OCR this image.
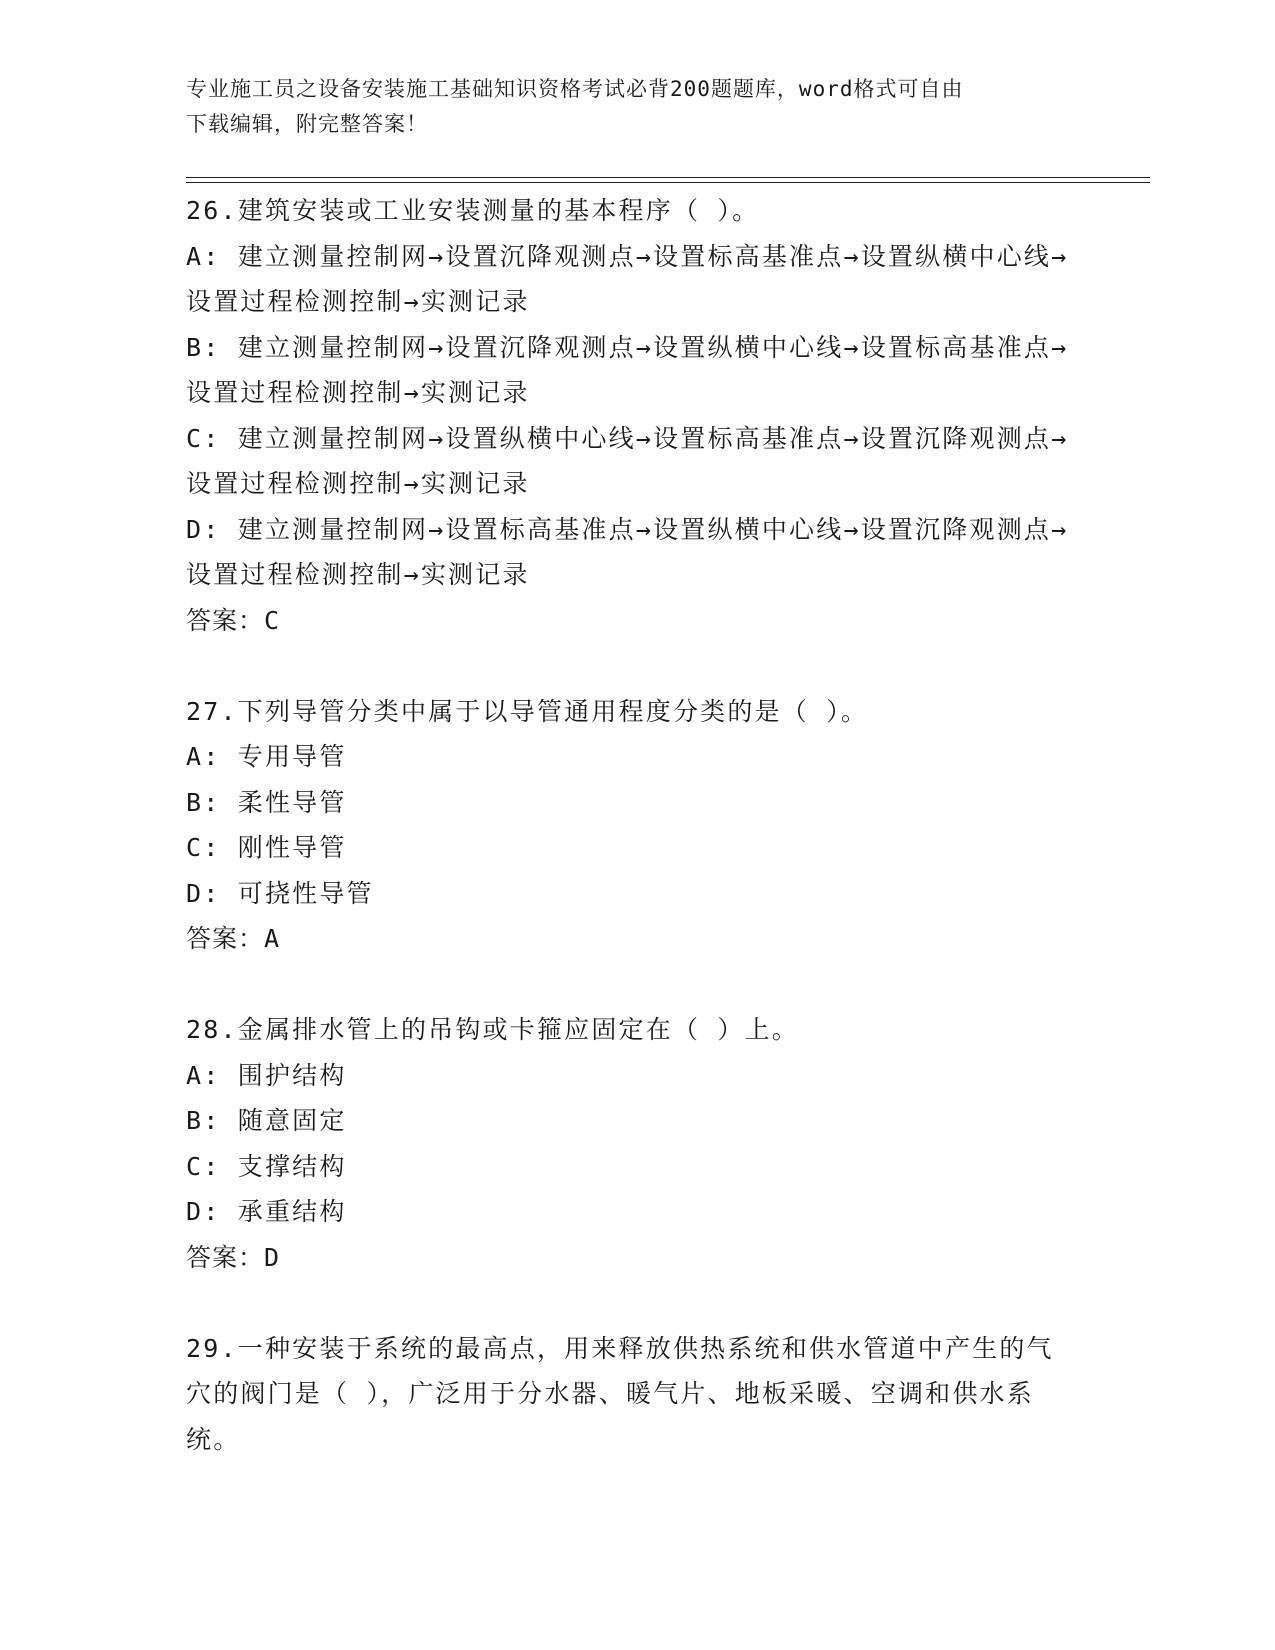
专业施工员之设备安装施工基础知识资格考试必背200题题库，word格式可自由
下载编辑，附完整答案！

26.建筑安装或工业安装测量的基本程序（ ）。

A: 建立测量控制网→设置沉降观测点→设置标高基准点→设置纵横中心线→设置过程检测控制→实测记录

B: 建立测量控制网→设置沉降观测点→设置纵横中心线→设置标高基准点→设置过程检测控制→实测记录

C: 建立测量控制网→设置纵横中心线→设置标高基准点→设置沉降观测点→设置过程检测控制→实测记录

D: 建立测量控制网→设置标高基准点→设置纵横中心线→设置沉降观测点→设置过程检测控制→实测记录

答案：C

27.下列导管分类中属于以导管通用程度分类的是（ ）。

A: 专用导管

B: 柔性导管

C: 刚性导管

D: 可挠性导管

答案：A

28.金属排水管上的吊钩或卡箍应固定在（ ）上。

A: 围护结构

B: 随意固定

C: 支撑结构

D: 承重结构

答案：D

29.一种安装于系统的最高点，用来释放供热系统和供水管道中产生的气穴的阀门是（ ），广泛用于分水器、暖气片、地板采暖、空调和供水系统。
